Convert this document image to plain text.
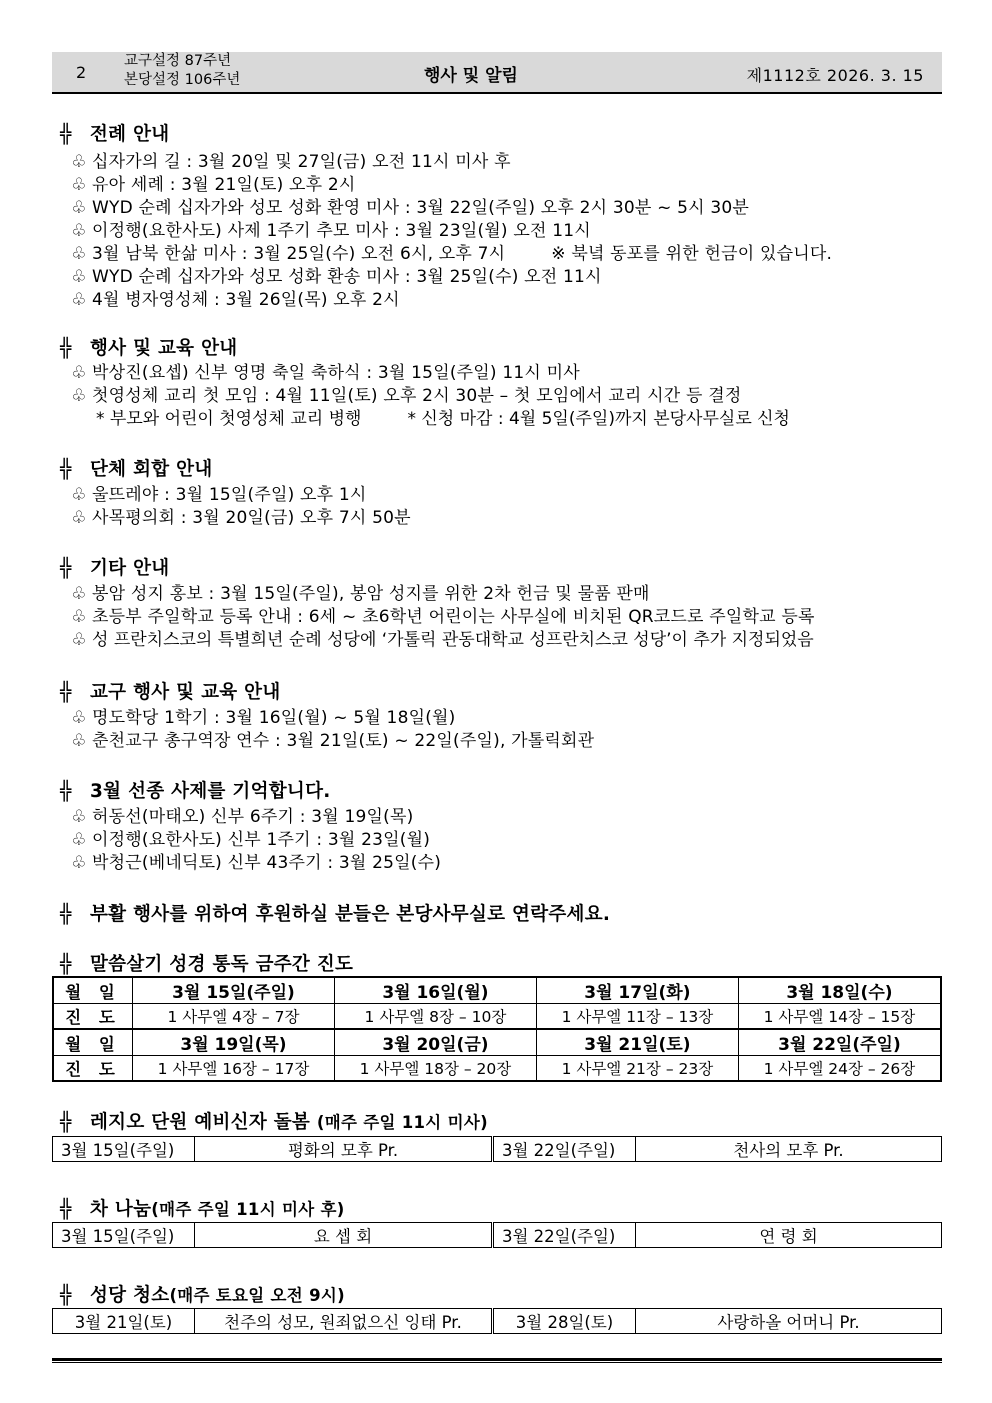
2
교구설정 87주년
본당설정 106주년	행사 및 알림	제1112호 2026. 3. 15
╬ 전례 안내
♧ 십자가의 길 : 3월 20일 및 27일(금) 오전 11시 미사 후
♧ 유아 세례 : 3월 21일(토) 오후 2시
♧ WYD 순례 십자가와 성모 성화 환영 미사 : 3월 22일(주일) 오후 2시 30분 ~ 5시 30분
♧ 이정행(요한사도) 사제 1주기 추모 미사 : 3월 23일(월) 오전 11시
♧ 3월 남북 한삶 미사 : 3월 25일(수) 오전 6시, 오후 7시	※ 북녘 동포를 위한 헌금이 있습니다.
♧ WYD 순례 십자가와 성모 성화 환송 미사 : 3월 25일(수) 오전 11시
♧ 4월 병자영성체 : 3월 26일(목) 오후 2시
╬ 행사 및 교육 안내
♧ 박상진(요셉) 신부 영명 축일 축하식 : 3월 15일(주일) 11시 미사
♧ 첫영성체 교리 첫 모임 : 4월 11일(토) 오후 2시 30분 – 첫 모임에서 교리 시간 등 결정
* 부모와 어린이 첫영성체 교리 병행	* 신청 마감 : 4월 5일(주일)까지 본당사무실로 신청
╬ 단체 회합 안내
♧ 울뜨레야 : 3월 15일(주일) 오후 1시
♧ 사목평의회 : 3월 20일(금) 오후 7시 50분
╬ 기타 안내
♧ 봉암 성지 홍보 : 3월 15일(주일), 봉암 성지를 위한 2차 헌금 및 물품 판매
♧ 초등부 주일학교 등록 안내 : 6세 ~ 초6학년 어린이는 사무실에 비치된 QR코드로 주일학교 등록
♧ 성 프란치스코의 특별희년 순례 성당에 ‘가톨릭 관동대학교 성프란치스코 성당’이 추가 지정되었음
╬ 교구 행사 및 교육 안내
♧ 명도학당 1학기 : 3월 16일(월) ~ 5월 18일(월)
♧ 춘천교구 총구역장 연수 : 3월 21일(토) ~ 22일(주일), 가톨릭회관
╬ 3월 선종 사제를 기억합니다.
♧ 허동선(마태오) 신부 6주기 : 3월 19일(목)
♧ 이정행(요한사도) 신부 1주기 : 3월 23일(월)
♧ 박청근(베네딕토) 신부 43주기 : 3월 25일(수)
╬ 부활 행사를 위하여 후원하실 분들은 본당사무실로 연락주세요.
╬ 말씀살기 성경 통독 금주간 진도
월 일	3월 15일(주일)	3월 16일(월)	3월 17일(화)	3월 18일(수)
진 도	1 사무엘 4장 – 7장	1 사무엘 8장 – 10장	1 사무엘 11장 – 13장	1 사무엘 14장 – 15장
월 일	3월 19일(목)	3월 20일(금)	3월 21일(토)	3월 22일(주일)
진 도	1 사무엘 16장 – 17장	1 사무엘 18장 – 20장	1 사무엘 21장 – 23장	1 사무엘 24장 – 26장
╬ 레지오 단원 예비신자 돌봄 (매주 주일 11시 미사)
3월 15일(주일)	평화의 모후 Pr.	3월 22일(주일)	천사의 모후 Pr.
╬ 차 나눔(매주 주일 11시 미사 후)
3월 15일(주일)	요 셉 회	3월 22일(주일)	연 령 회
╬ 성당 청소(매주 토요일 오전 9시)
3월 21일(토)	천주의 성모, 원죄없으신 잉태 Pr.	3월 28일(토)	사랑하올 어머니 Pr.
